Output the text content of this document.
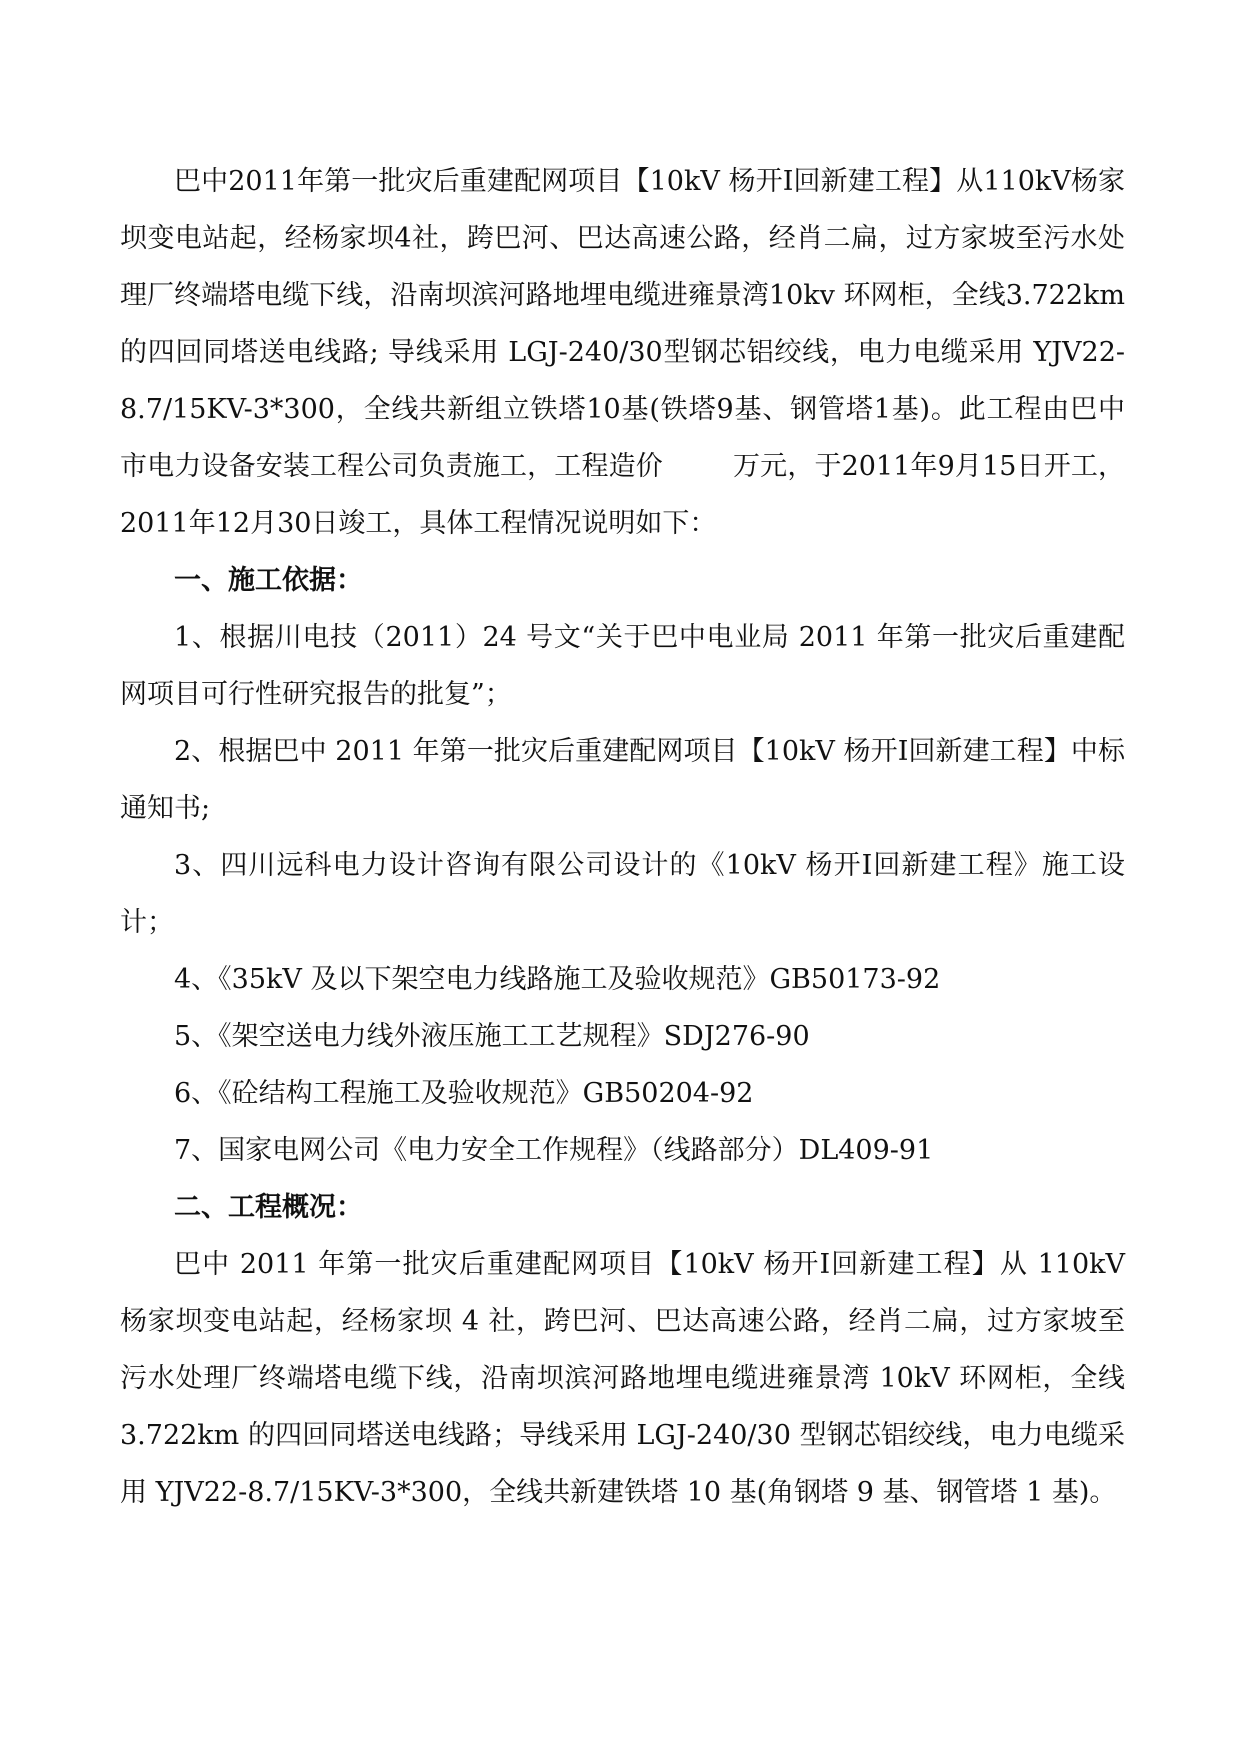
巴中2011年第一批灾后重建配网项目【10kV 杨开Ⅰ回新建工程】从110kV杨家坝变电站起，经杨家坝4社，跨巴河、巴达高速公路，经肖二扁，过方家坡至污水处理厂终端塔电缆下线，沿南坝滨河路地埋电缆进雍景湾10kv 环网柜，全线3.722km 的四回同塔送电线路; 导线采用 LGJ-240/30型钢芯铝绞线，电力电缆采用 YJV22-8.7/15KV-3*300，全线共新组立铁塔10基(铁塔9基、钢管塔1基)。此工程由巴中市电力设备安装工程公司负责施工，工程造价	万元，于2011年9月15日开工，2011年12月30日竣工，具体工程情况说明如下：

一、施工依据：

1、根据川电技（2011）24 号文“关于巴中电业局 2011 年第一批灾后重建配网项目可行性研究报告的批复”；

2、根据巴中 2011 年第一批灾后重建配网项目【10kV 杨开Ⅰ回新建工程】中标通知书;

3、四川远科电力设计咨询有限公司设计的《10kV 杨开Ⅰ回新建工程》施工设计；

4、《35kV 及以下架空电力线路施工及验收规范》GB50173-92

5、《架空送电力线外液压施工工艺规程》SDJ276-90

6、《砼结构工程施工及验收规范》GB50204-92

7、国家电网公司《电力安全工作规程》（线路部分）DL409-91

二、工程概况：

巴中 2011 年第一批灾后重建配网项目【10kV 杨开Ⅰ回新建工程】从 110kV 杨家坝变电站起，经杨家坝 4 社，跨巴河、巴达高速公路，经肖二扁，过方家坡至污水处理厂终端塔电缆下线，沿南坝滨河路地埋电缆进雍景湾 10kV 环网柜，全线 3.722km 的四回同塔送电线路；导线采用 LGJ-240/30 型钢芯铝绞线，电力电缆采用 YJV22-8.7/15KV-3*300，全线共新建铁塔 10 基(角钢塔 9 基、钢管塔 1 基)。
